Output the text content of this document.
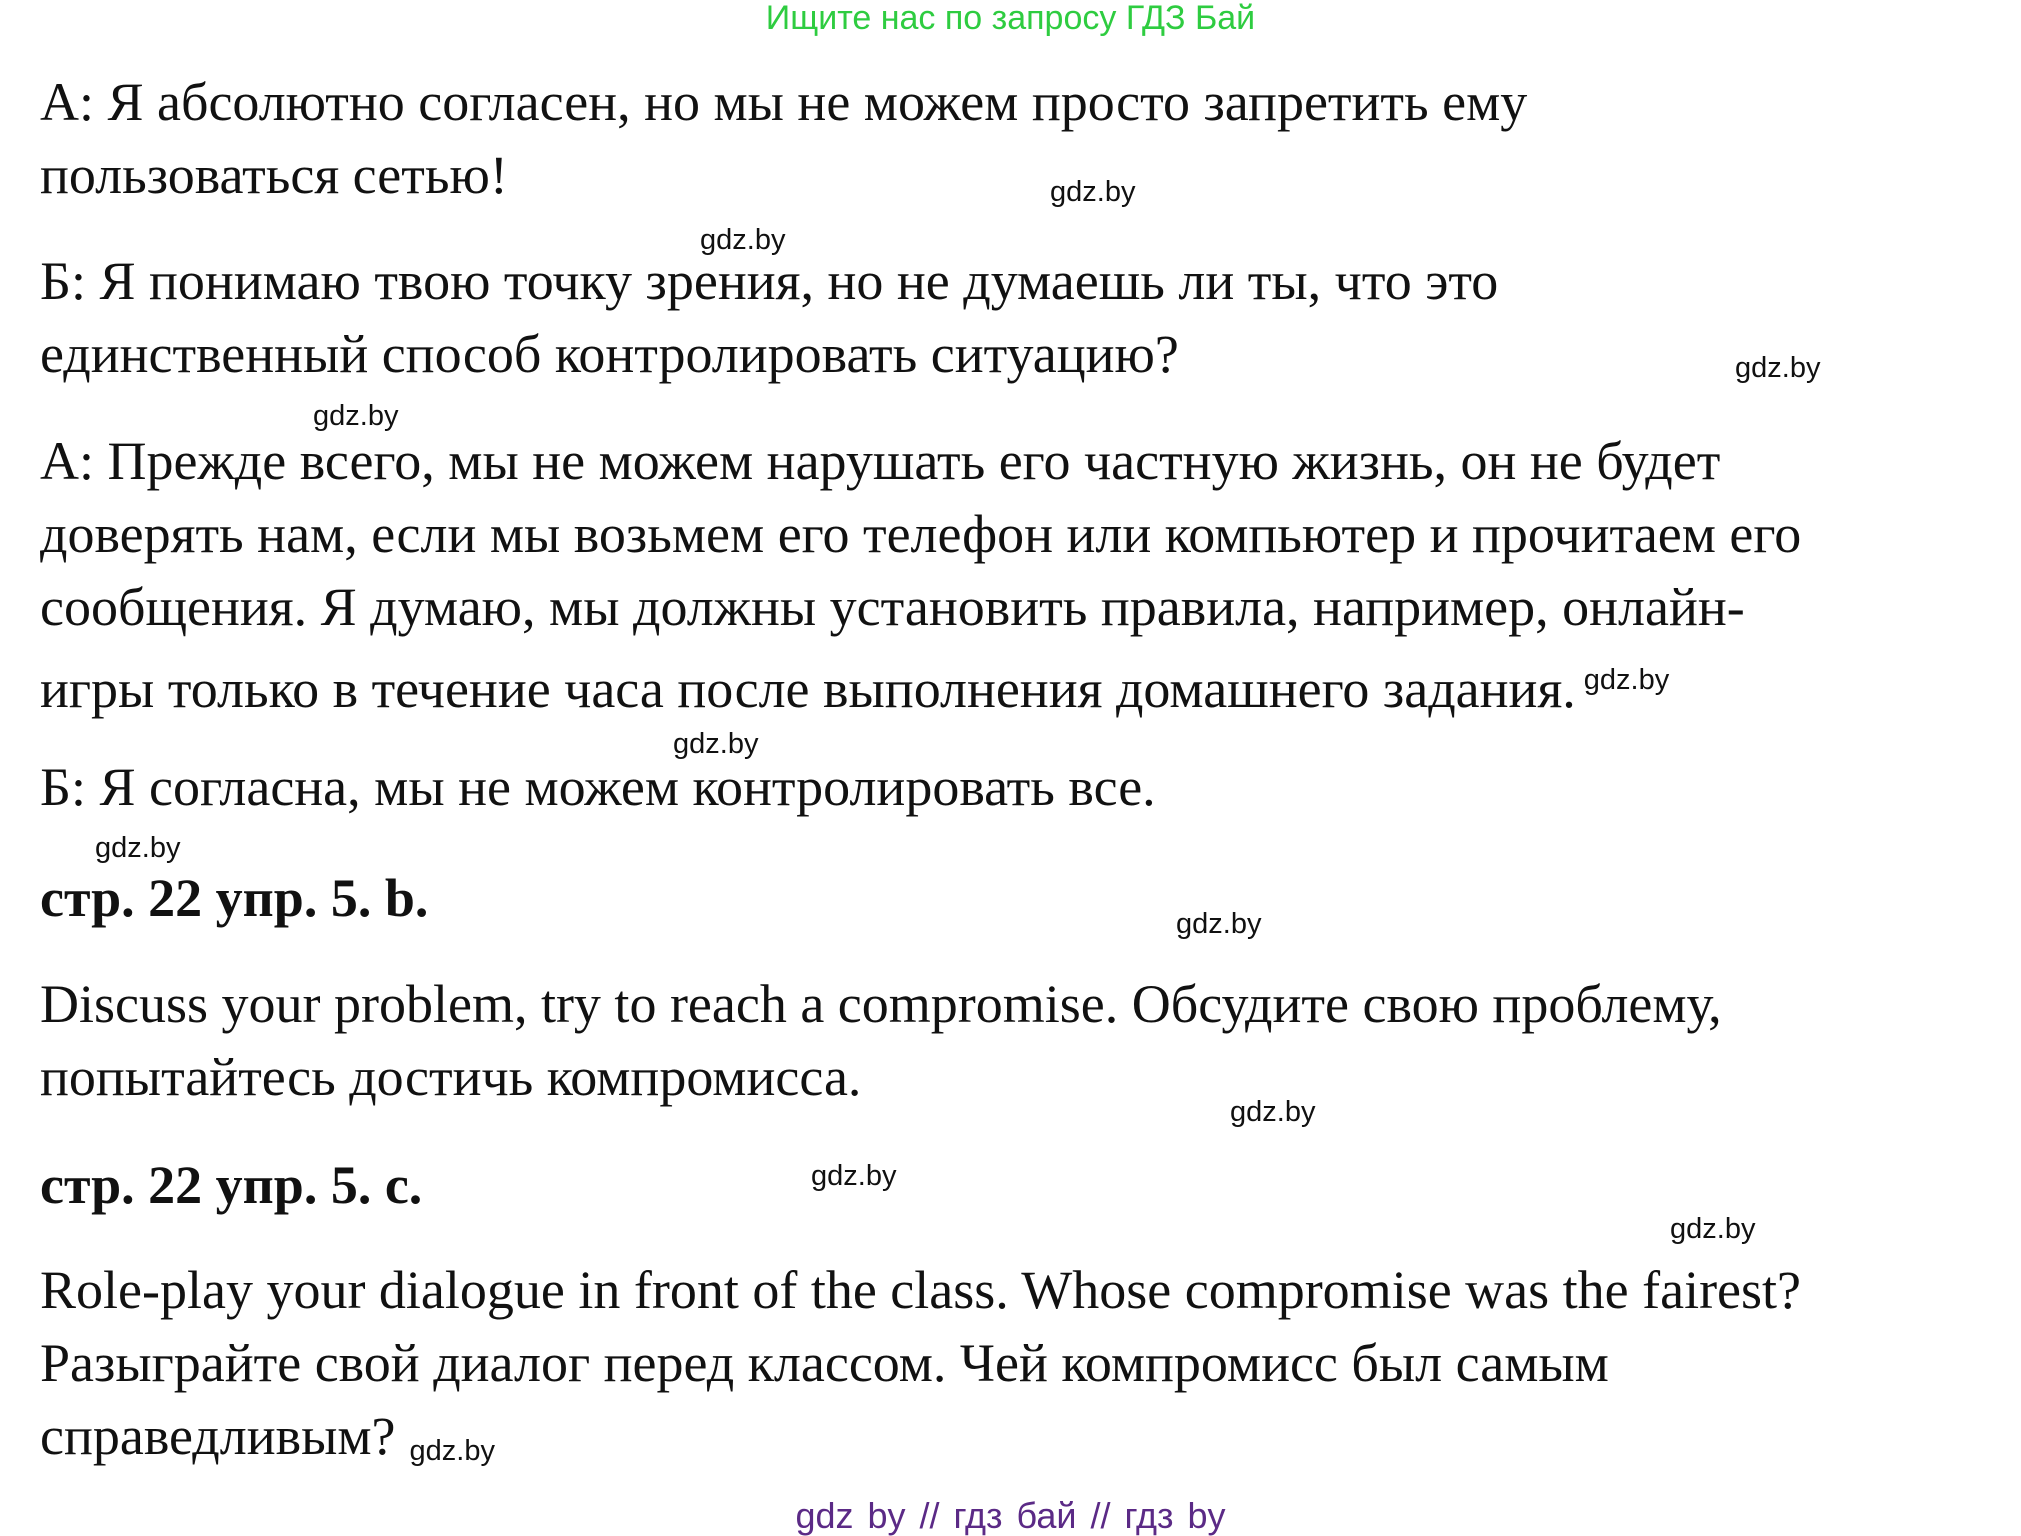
Ищите нас по запросу ГДЗ Бай

А: Я абсолютно согласен, но мы не можем просто запретить ему
пользоваться сетью!

Б: Я понимаю твою точку зрения, но не думаешь ли ты, что это
единственный способ контролировать ситуацию?

А: Прежде всего, мы не можем нарушать его частную жизнь, он не будет
доверять нам, если мы возьмем его телефон или компьютер и прочитаем его
сообщения. Я думаю, мы должны установить правила, например, онлайн-
игры только в течение часа после выполнения домашнего задания. $^{gdz.by}$

Б: Я согласна, мы не можем контролировать все.

стр. 22 упр. 5. b.

Discuss your problem, try to reach a compromise. Обсудите свою проблему,
попытайтесь достичь компромисса.

стр. 22 упр. 5. c.

Role-play your dialogue in front of the class. Whose compromise was the fairest?
Разыграйте свой диалог перед классом. Чей компромисс был самым
справедливым? gdz.by

gdz.by
gdz.by
gdz.by
gdz.by
gdz.by
gdz.by
gdz.by
gdz.by
gdz.by
gdz.by
gdz by // гдз бай // гдз by
